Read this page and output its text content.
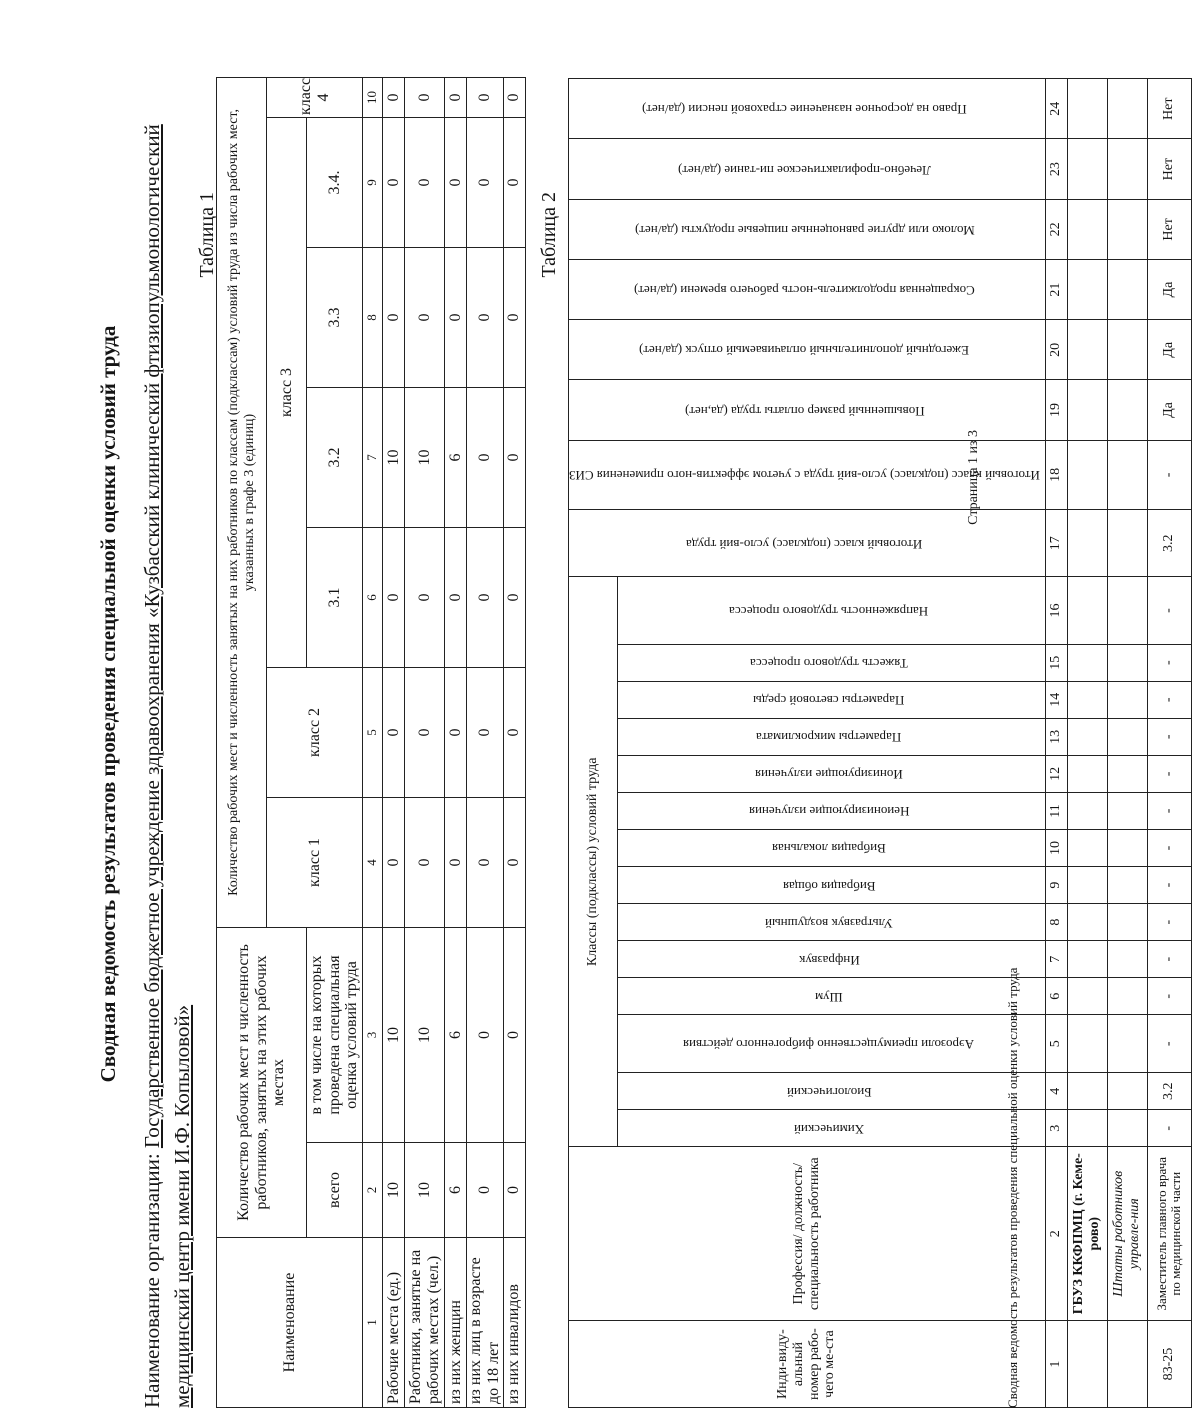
Сводная ведомость результатов проведения специальной оценки условий труда
Наименование организации: Государственное бюджетное учреждение здравоохранения «Кузбасский клинический фтизиопульмонологический
медицинский центр имени И.Ф. Копыловой»
Таблица 1
Наименование	Количество рабочих мест и численность работников, занятых на этих рабочих местах		Количество рабочих мест и численность занятых на них работников по классам (подклассам) условий труда из числа рабочих мест, указанных в графе 3 (единиц)						
			класс 1	класс 2	класс 3				класс 4
	всего	в том числе на которых проведена специальная оценка условий труда			3.1	3.2	3.3	3.4.	
1	2	3	4	5	6	7	8	9	10
Рабочие места (ед.)	10	10	0	0	0	10	0	0	0
Работники, занятые на рабочих местах (чел.)	10	10	0	0	0	10	0	0	0
из них женщин	6	6	0	0	0	6	0	0	0
из них лиц в возрасте до 18 лет	0	0	0	0	0	0	0	0	0
из них инвалидов	0	0	0	0	0	0	0	0	0
Таблица 2
Инди-виду-альный номер рабо-чего ме-ста	Профессия/ должность/ специальность работника	Классы (подклассы) условий труда														Итоговый класс (подкласс) усло-вий труда	Итоговый класс (подкласс) усло-вий труда с учетом эффектив-ного применения СИЗ	Повышенный размер оплаты труда (да,нет)	Ежегодный дополнительный оплачиваемый отпуск (да/нет)	Сокращенная продолжитель-ность рабочего времени (да/нет)	Молоко или другие равноценные пищевые продукты (да/нет)	Лечебно-профилактическое пи-тание (да/нет)	Право на досрочное назначение страховой пенсии (да/нет)
		Химический	Биологический	Аэрозоли преимущественно фиброгенного действия	Шум	Инфразвук	Ультразвук воздушный	Вибрация общая	Вибрация локальная	Неионизирующие излучения	Ионизирующие излучения	Параметры микроклимата	Параметры световой среды	Тяжесть трудового процесса	Напряженность трудового процесса								
1	2	3	4	5	6	7	8	9	10	11	12	13	14	15	16	17	18	19	20	21	22	23	24
	ГБУЗ ККФПМЦ (г. Кеме-рово)																						
	Штаты работников управле-ния																						
83-25	Заместитель главного врача по медицинской части	-	3.2	-	-	-	-	-	-	-	-	-	-	-	-	3.2	-	Да	Да	Да	Нет	Нет	Нет
Страница 1 из 3
Сводная ведомость результатов проведения специальной оценки условий труда
